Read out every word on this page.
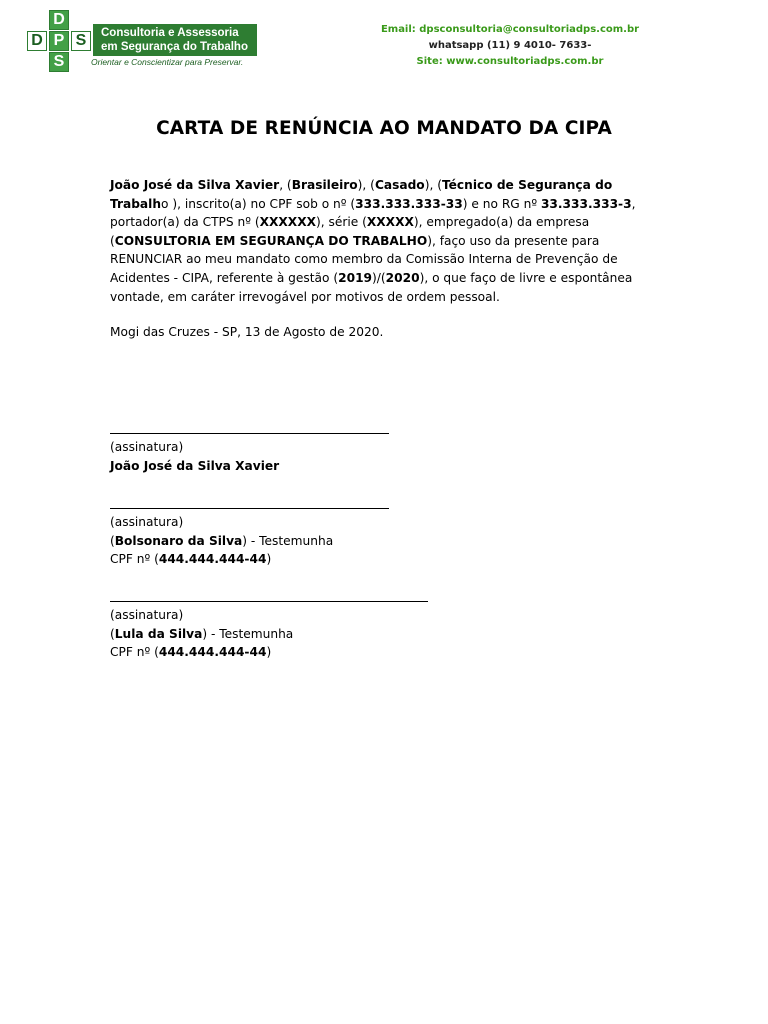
D
D P S
S
Consultoria e Assessoria
em Segurança do Trabalho
Orientar e Conscientizar para Preservar.
Email: dpsconsultoria@consultoriadps.com.br
whatsapp (11) 9 4010- 7633-
Site: www.consultoriadps.com.br
CARTA DE RENÚNCIA AO MANDATO DA CIPA
João José da Silva Xavier, (Brasileiro), (Casado), (Técnico de Segurança do Trabalho ), inscrito(a) no CPF sob o nº (333.333.333-33) e no RG nº 33.333.333-3, portador(a) da CTPS nº (XXXXXX), série (XXXXX), empregado(a) da empresa (CONSULTORIA EM SEGURANÇA DO TRABALHO), faço uso da presente para RENUNCIAR ao meu mandato como membro da Comissão Interna de Prevenção de Acidentes - CIPA, referente à gestão (2019)/(2020), o que faço de livre e espontânea vontade, em caráter irrevogável por motivos de ordem pessoal.
Mogi das Cruzes - SP, 13 de Agosto de 2020.
(assinatura)
João José da Silva Xavier
(assinatura)
(Bolsonaro da Silva) - Testemunha
CPF nº (444.444.444-44)
(assinatura)
(Lula da Silva) - Testemunha
CPF nº (444.444.444-44)
